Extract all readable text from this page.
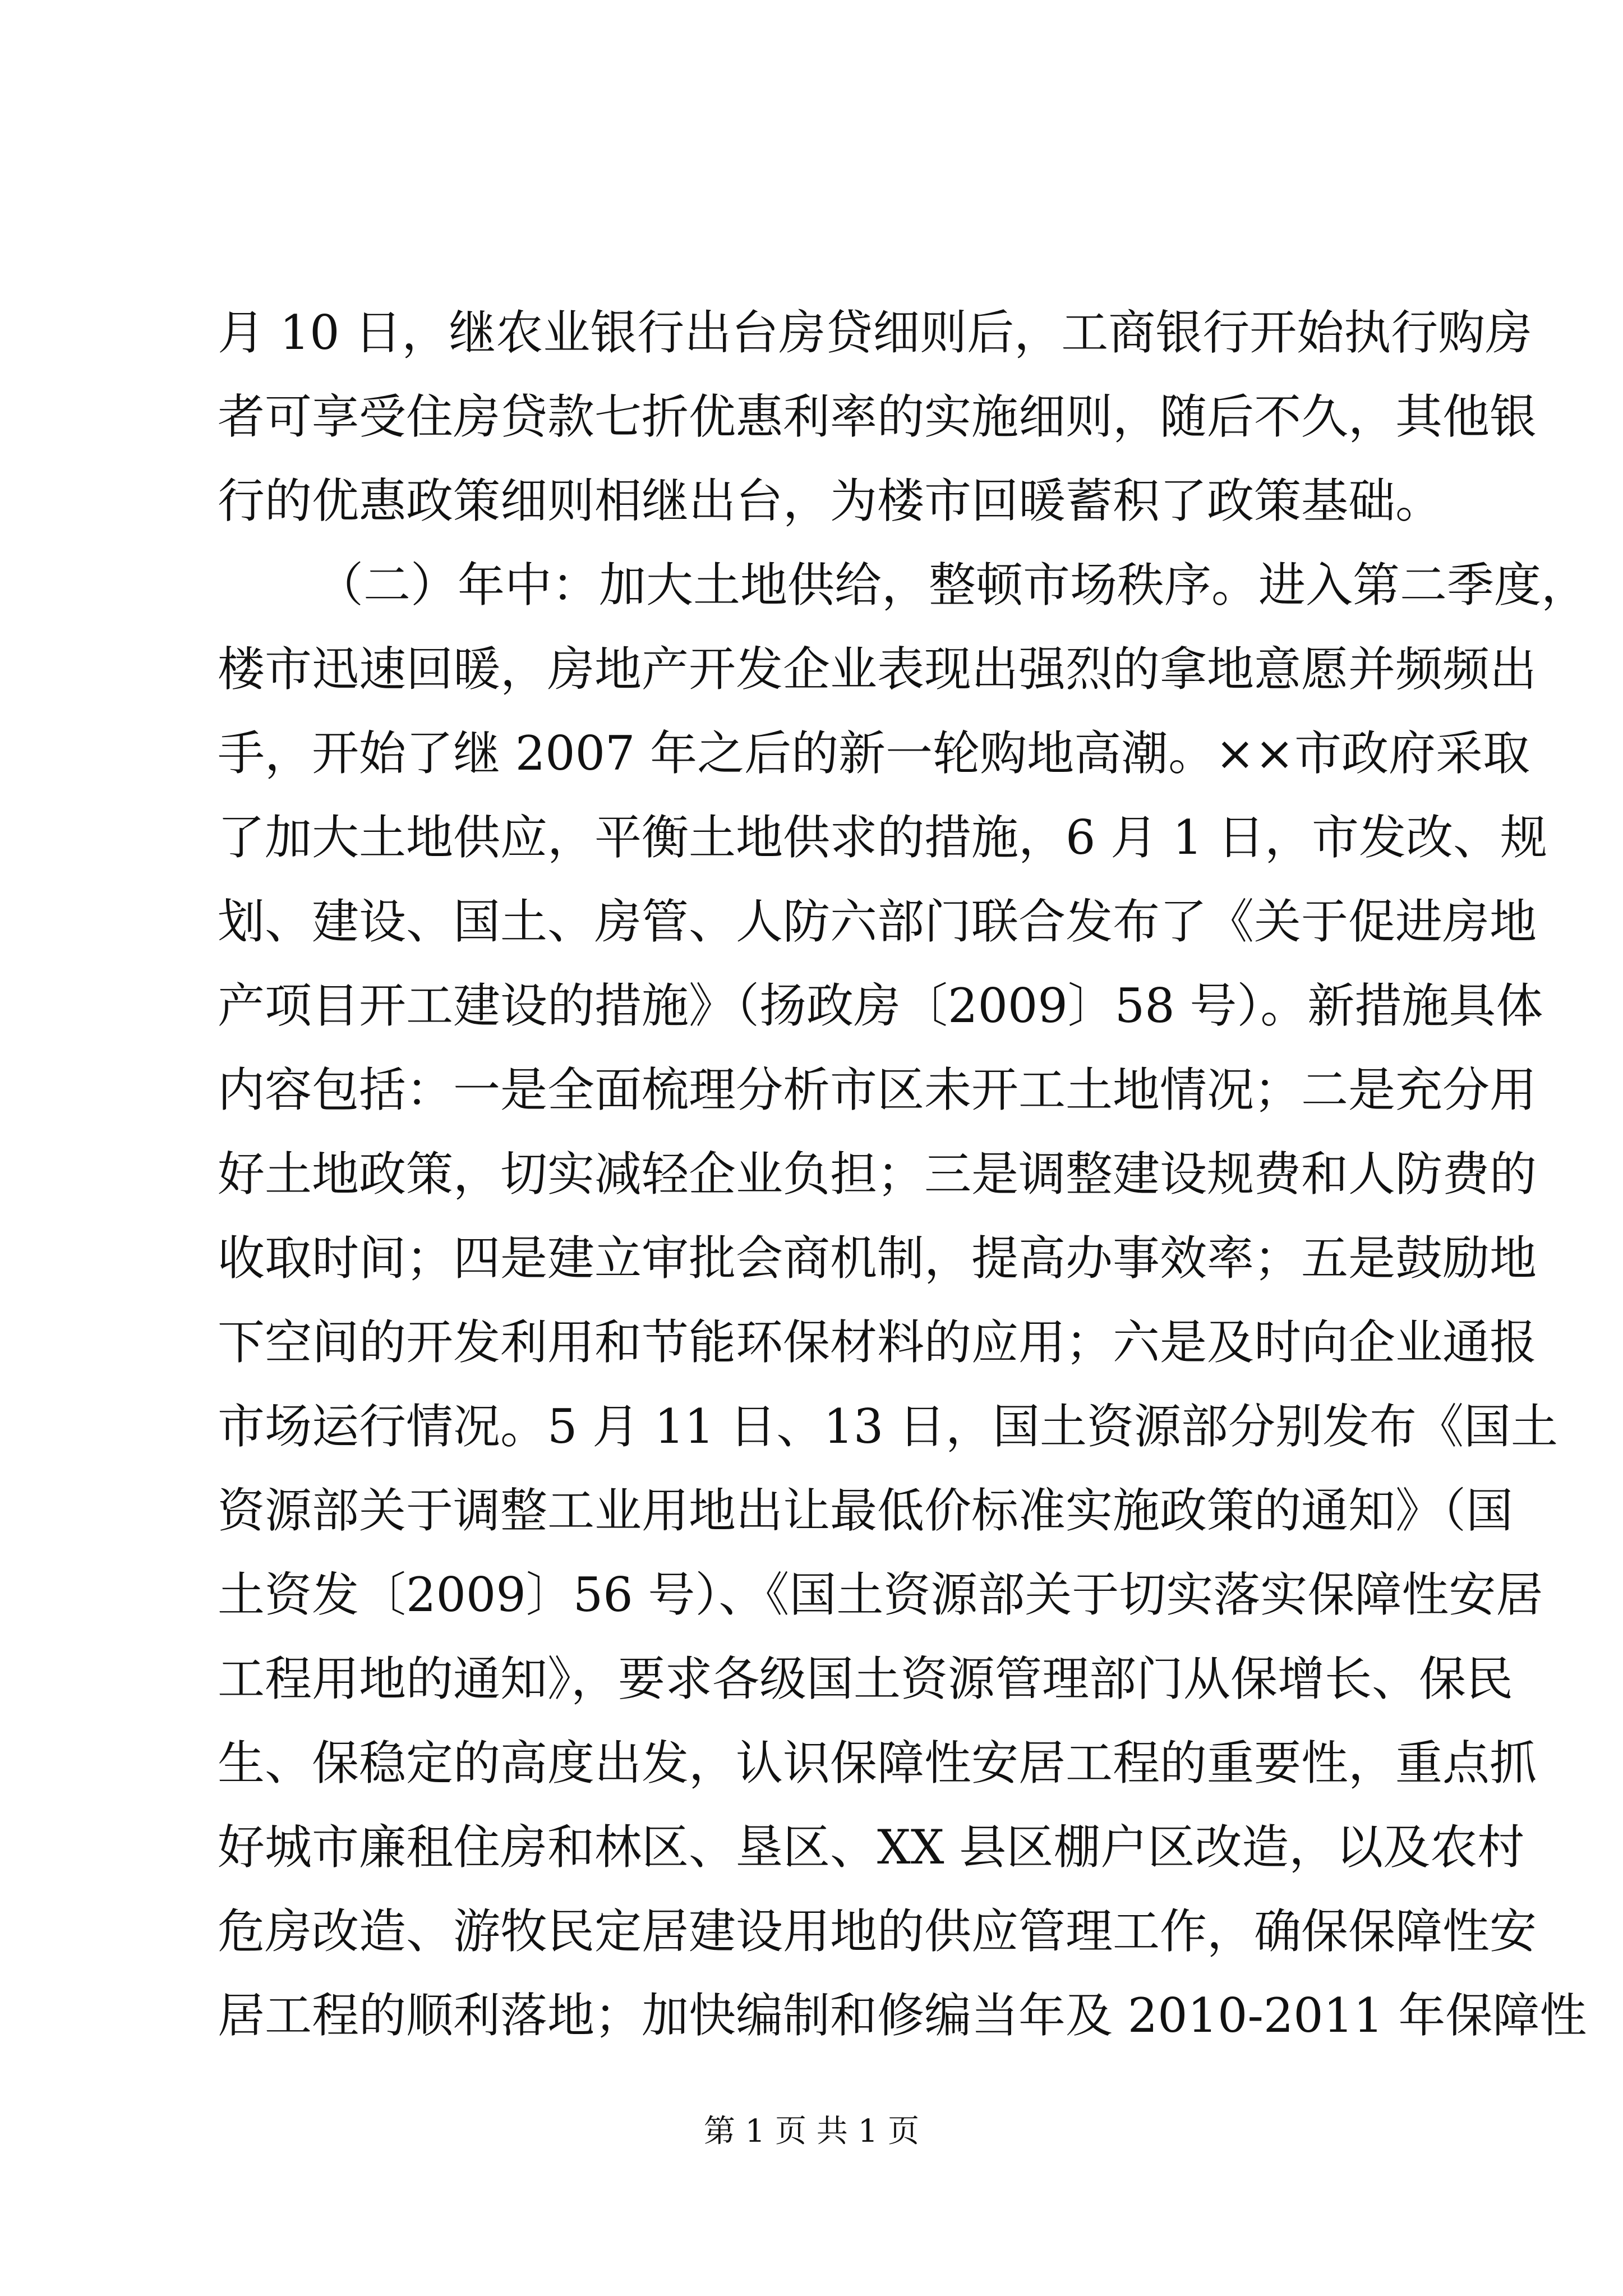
月 10 日，继农业银行出台房贷细则后，工商银行开始执行购房
者可享受住房贷款七折优惠利率的实施细则，随后不久，其他银
行的优惠政策细则相继出台，为楼市回暖蓄积了政策基础。
（二）年中：加大土地供给，整顿市场秩序。进入第二季度，
楼市迅速回暖，房地产开发企业表现出强烈的拿地意愿并频频出
手，开始了继 2007 年之后的新一轮购地高潮。××市政府采取
了加大土地供应，平衡土地供求的措施，6 月 1 日，市发改、规
划、建设、国土、房管、人防六部门联合发布了《关于促进房地
产项目开工建设的措施》（扬政房〔2009〕58 号）。新措施具体
内容包括：一是全面梳理分析市区未开工土地情况；二是充分用
好土地政策，切实减轻企业负担；三是调整建设规费和人防费的
收取时间；四是建立审批会商机制，提高办事效率；五是鼓励地
下空间的开发利用和节能环保材料的应用；六是及时向企业通报
市场运行情况。5 月 11 日、13 日，国土资源部分别发布《国土
资源部关于调整工业用地出让最低价标准实施政策的通知》（国
土资发〔2009〕56 号）、《国土资源部关于切实落实保障性安居
工程用地的通知》，要求各级国土资源管理部门从保增长、保民
生、保稳定的高度出发，认识保障性安居工程的重要性，重点抓
好城市廉租住房和林区、垦区、XX 县区棚户区改造，以及农村
危房改造、游牧民定居建设用地的供应管理工作，确保保障性安
居工程的顺利落地；加快编制和修编当年及 2010-2011 年保障性
第 1 页 共 1 页
